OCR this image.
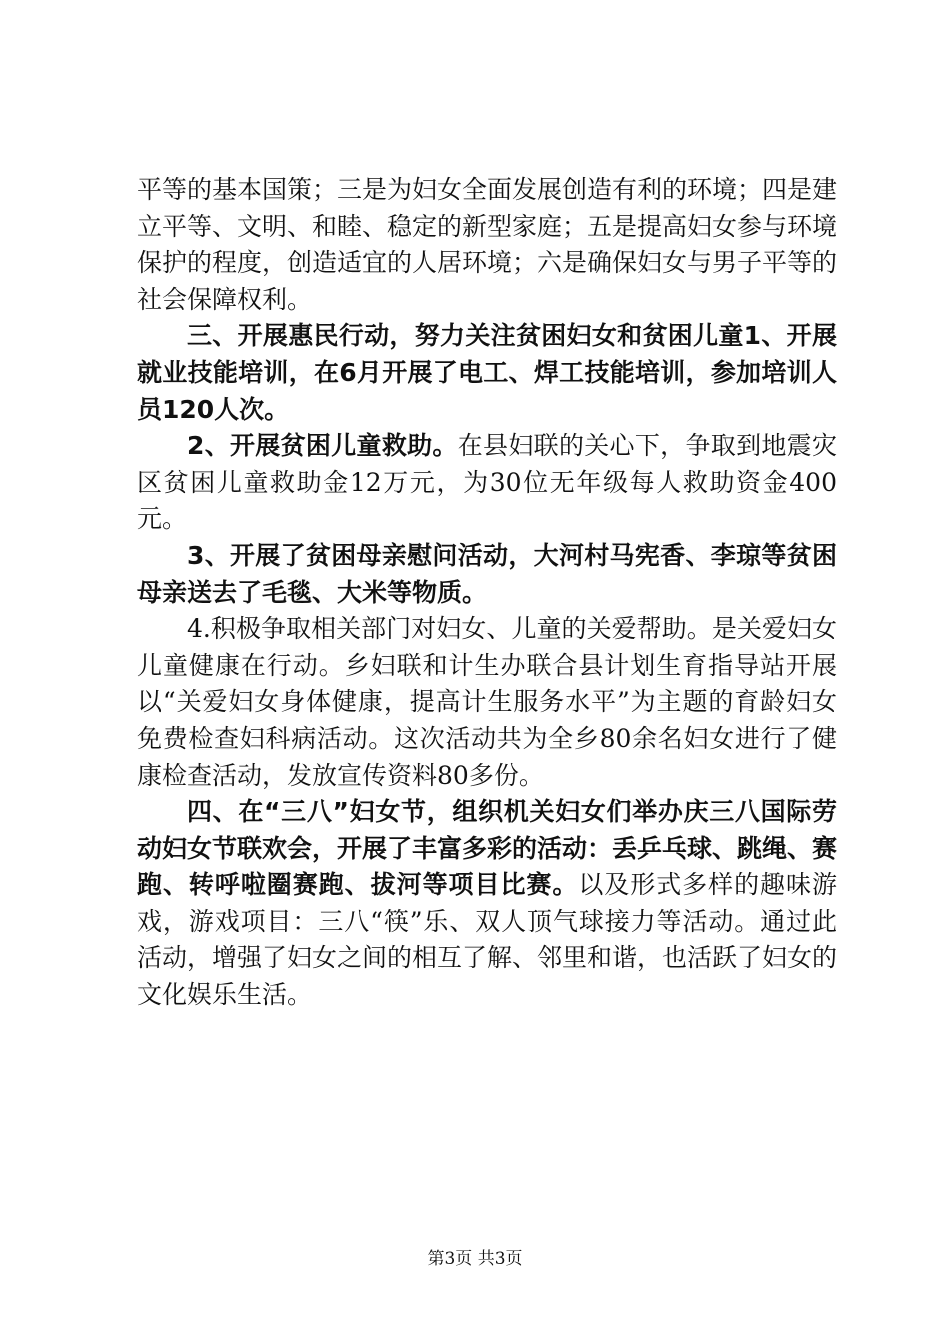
平等的基本国策；三是为妇女全面发展创造有利的环境；四是建立平等、文明、和睦、稳定的新型家庭；五是提高妇女参与环境保护的程度，创造适宜的人居环境；六是确保妇女与男子平等的社会保障权利。

三、开展惠民行动，努力关注贫困妇女和贫困儿童1、开展就业技能培训，在6月开展了电工、焊工技能培训，参加培训人员120人次。

2、开展贫困儿童救助。在县妇联的关心下，争取到地震灾区贫困儿童救助金12万元，为30位无年级每人救助资金400元。

3、开展了贫困母亲慰问活动，大河村马宪香、李琼等贫困母亲送去了毛毯、大米等物质。

4.积极争取相关部门对妇女、儿童的关爱帮助。是关爱妇女儿童健康在行动。乡妇联和计生办联合县计划生育指导站开展以“关爱妇女身体健康，提高计生服务水平”为主题的育龄妇女免费检查妇科病活动。这次活动共为全乡80余名妇女进行了健康检查活动，发放宣传资料80多份。

四、在“三八”妇女节，组织机关妇女们举办庆三八国际劳动妇女节联欢会，开展了丰富多彩的活动：丢乒乓球、跳绳、赛跑、转呼啦圈赛跑、拔河等项目比赛。以及形式多样的趣味游戏，游戏项目：三八“筷”乐、双人顶气球接力等活动。通过此活动，增强了妇女之间的相互了解、邻里和谐，也活跃了妇女的文化娱乐生活。

第3页 共3页
